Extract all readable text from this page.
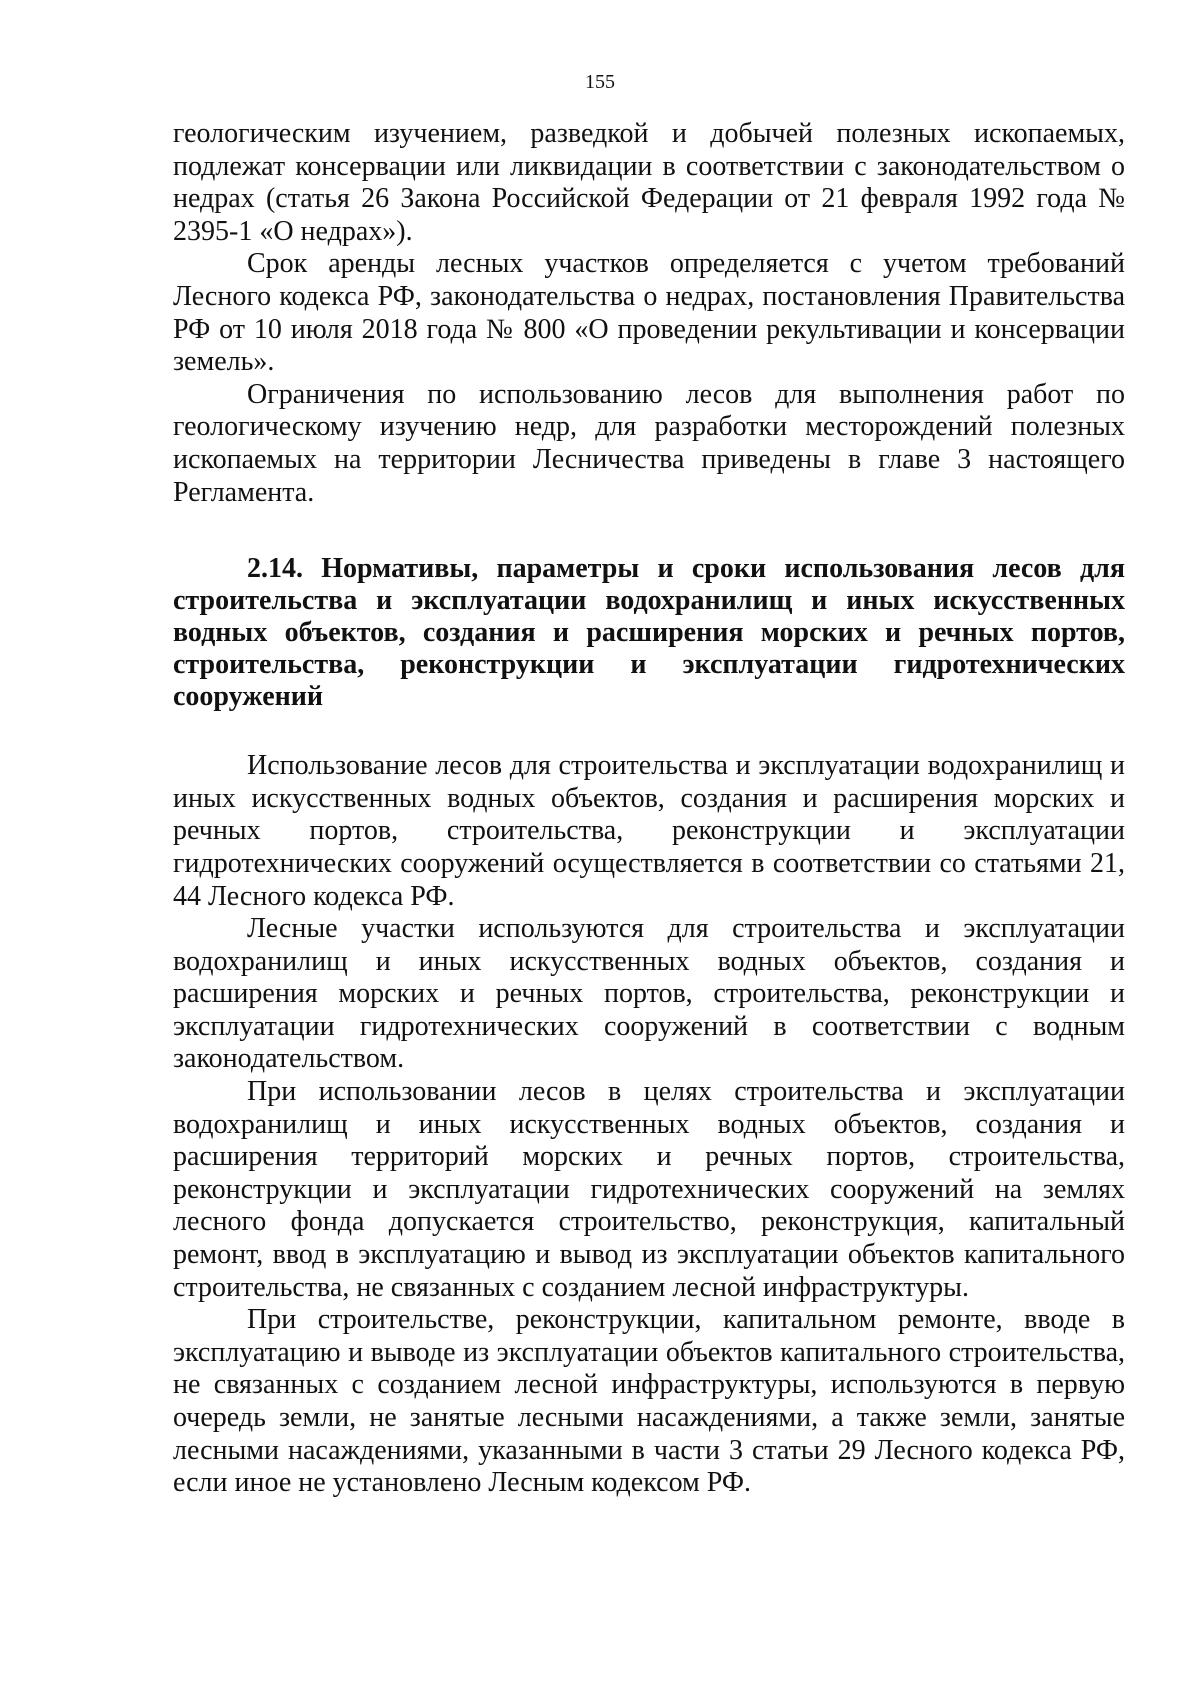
155

геологическим изучением, разведкой и добычей полезных ископаемых, подлежат консервации или ликвидации в соответствии с законодательством о недрах (статья 26 Закона Российской Федерации от 21 февраля 1992 года № 2395-1 «О недрах»).

Срок аренды лесных участков определяется с учетом требований Лесного кодекса РФ, законодательства о недрах, постановления Правительства РФ от 10 июля 2018 года № 800 «О проведении рекультивации и консервации земель».

Ограничения по использованию лесов для выполнения работ по геологическому изучению недр, для разработки месторождений полезных ископаемых на территории Лесничества приведены в главе 3 настоящего Регламента.

2.14. Нормативы, параметры и сроки использования лесов для строительства и эксплуатации водохранилищ и иных искусственных водных объектов, создания и расширения морских и речных портов, строительства, реконструкции и эксплуатации гидротехнических сооружений

Использование лесов для строительства и эксплуатации водохранилищ и иных искусственных водных объектов, создания и расширения морских и речных портов, строительства, реконструкции и эксплуатации гидротехнических сооружений осуществляется в соответствии со статьями 21, 44 Лесного кодекса РФ.

Лесные участки используются для строительства и эксплуатации водохранилищ и иных искусственных водных объектов, создания и расширения морских и речных портов, строительства, реконструкции и эксплуатации гидротехнических сооружений в соответствии с водным законодательством.

При использовании лесов в целях строительства и эксплуатации водохранилищ и иных искусственных водных объектов, создания и расширения территорий морских и речных портов, строительства, реконструкции и эксплуатации гидротехнических сооружений на землях лесного фонда допускается строительство, реконструкция, капитальный ремонт, ввод в эксплуатацию и вывод из эксплуатации объектов капитального строительства, не связанных с созданием лесной инфраструктуры.

При строительстве, реконструкции, капитальном ремонте, вводе в эксплуатацию и выводе из эксплуатации объектов капитального строительства, не связанных с созданием лесной инфраструктуры, используются в первую очередь земли, не занятые лесными насаждениями, а также земли, занятые лесными насаждениями, указанными в части 3 статьи 29 Лесного кодекса РФ, если иное не установлено Лесным кодексом РФ.
